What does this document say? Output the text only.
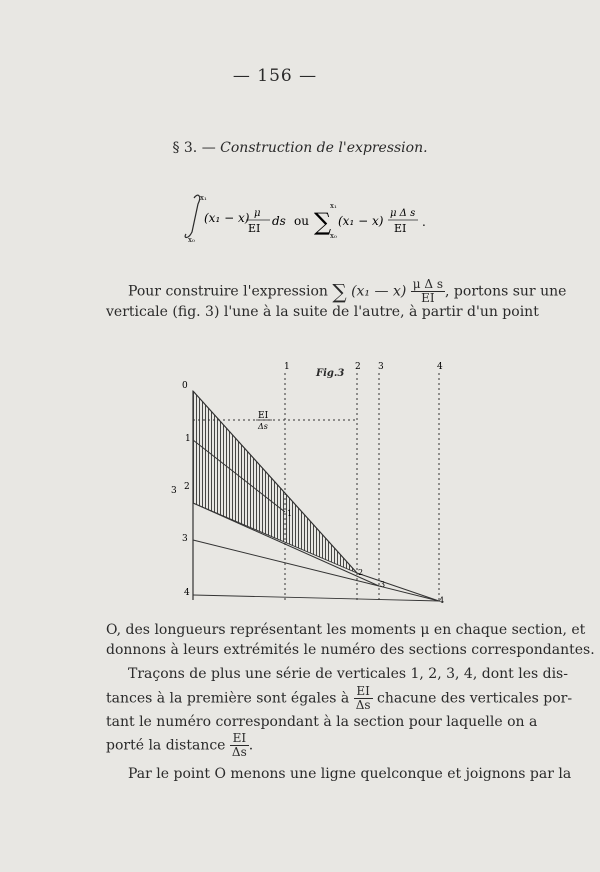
— 156 —
§ 3. — Construction de l'expression.
x₁
x₀
(x₁ − x) μ
EI
ds ou ∑
x₁
x₀
(x₁ − x)
μ Δ s
EI .
Pour construire l'expression ∑ (x₁ — $x) \frac{\text{μ Δ s}}{EI}$ , portons sur une
verticale (fig. 3) l'une à la suite de l'autre, à partir d'un point
Fig.3
EI
Δs
1	2 3	4
0
1
3 2
3
4
1
2
3
4
O, des longueurs représentant les moments μ en chaque section, et
donnons à leurs extrémités le numéro des sections correspondantes.
Traçons de plus une série de verticales 1, 2, 3, 4, dont les dis-
tances à la première sont égales à $\frac{EI}{\Delta s}$ chacune des verticales por-
tant le numéro correspondant à la section pour laquelle on a
porté la distance $\frac{EI}{\Delta s}$ .
Par le point O menons une ligne quelconque et joignons par la
